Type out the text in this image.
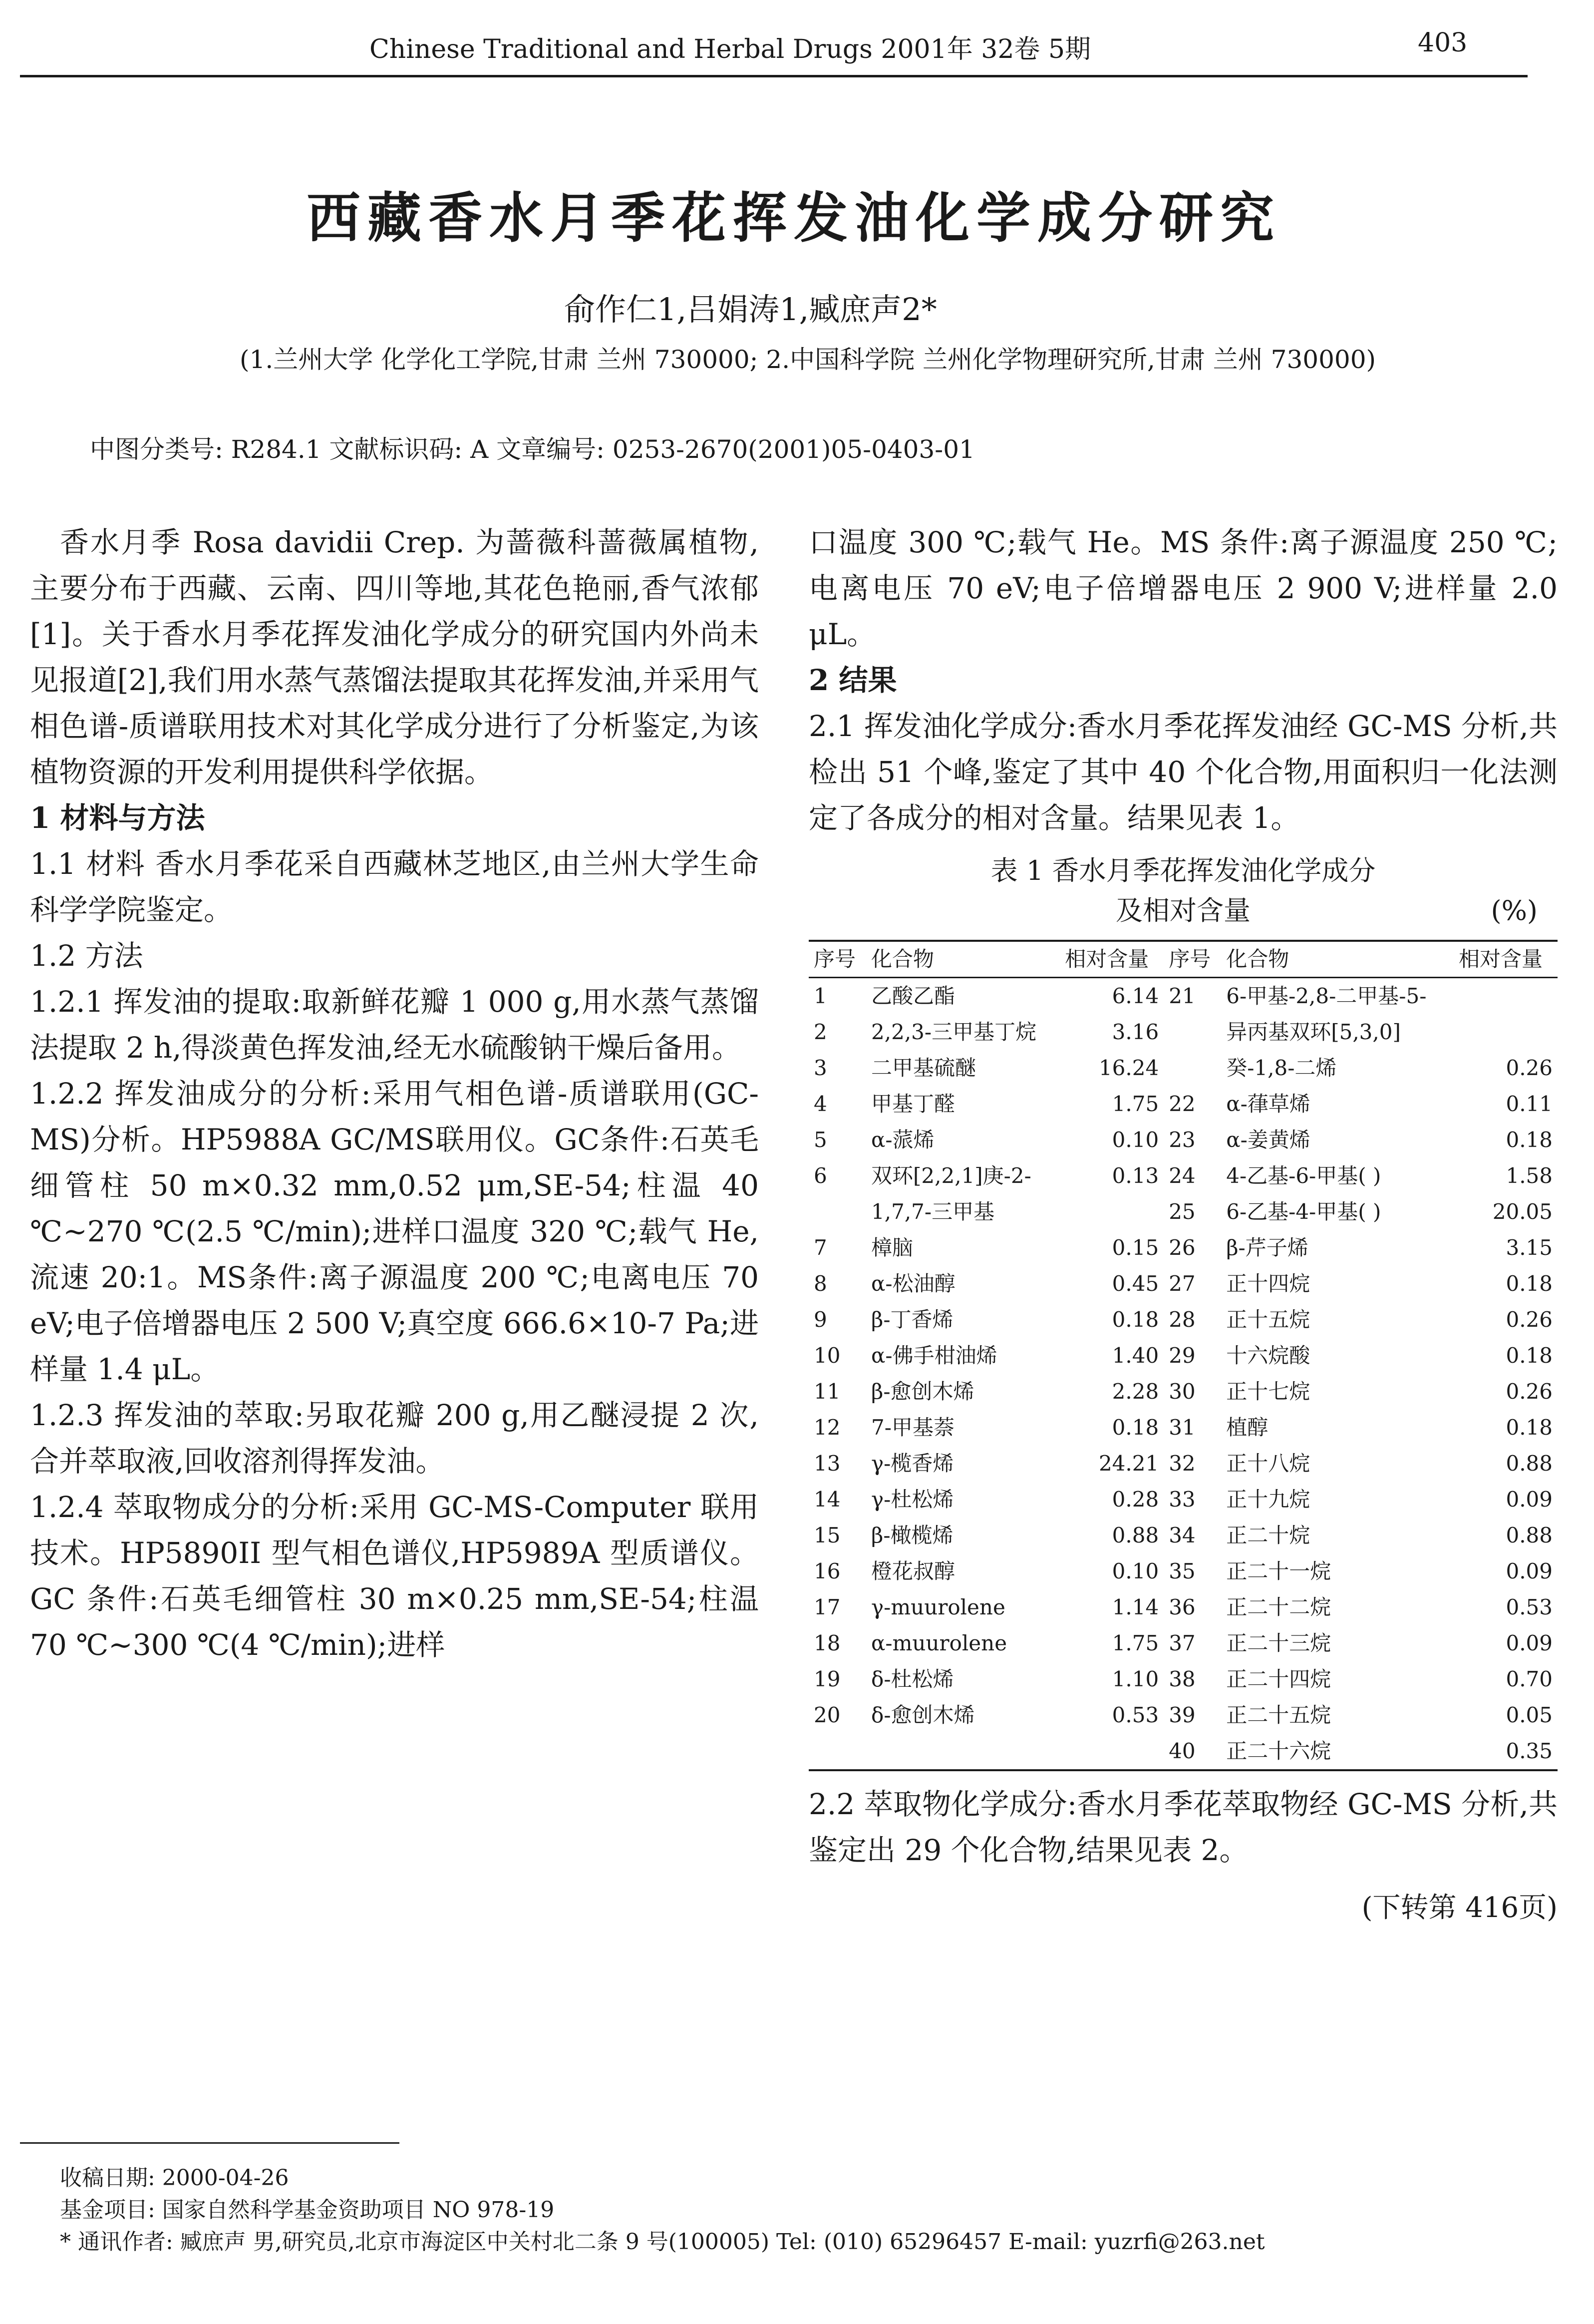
Chinese Traditional and Herbal Drugs 2001年 32卷 5期	403
西藏香水月季花挥发油化学成分研究
俞作仁1,吕娟涛1,臧庶声2*
(1.兰州大学 化学化工学院,甘肃 兰州 730000; 2.中国科学院 兰州化学物理研究所,甘肃 兰州 730000)
中图分类号: R284.1 文献标识码: A 文章编号: 0253-2670(2001)05-0403-01

香水月季 Rosa davidii Crep. 为蔷薇科蔷薇属植物,主要分布于西藏、云南、四川等地,其花色艳丽,香气浓郁[1]。关于香水月季花挥发油化学成分的研究国内外尚未见报道[2],我们用水蒸气蒸馏法提取其花挥发油,并采用气相色谱-质谱联用技术对其化学成分进行了分析鉴定,为该植物资源的开发利用提供科学依据。

1 材料与方法

1.1 材料 香水月季花采自西藏林芝地区,由兰州大学生命科学学院鉴定。

1.2 方法

1.2.1 挥发油的提取:取新鲜花瓣 1 000 g,用水蒸气蒸馏法提取 2 h,得淡黄色挥发油,经无水硫酸钠干燥后备用。

1.2.2 挥发油成分的分析:采用气相色谱-质谱联用(GC-MS)分析。HP5988A GC/MS联用仪。GC条件:石英毛细管柱 50 m×0.32 mm,0.52 μm,SE-54;柱温 40 ℃~270 ℃(2.5 ℃/min);进样口温度 320 ℃;载气 He,流速 20:1。MS条件:离子源温度 200 ℃;电离电压 70 eV;电子倍增器电压 2 500 V;真空度 666.6×10-7 Pa;进样量 1.4 μL。

1.2.3 挥发油的萃取:另取花瓣 200 g,用乙醚浸提 2 次,合并萃取液,回收溶剂得挥发油。

1.2.4 萃取物成分的分析:采用 GC-MS-Computer 联用技术。HP5890II 型气相色谱仪,HP5989A 型质谱仪。GC 条件:石英毛细管柱 30 m×0.25 mm,SE-54;柱温 70 ℃~300 ℃(4 ℃/min);进样

口温度 300 ℃;载气 He。MS 条件:离子源温度 250 ℃;电离电压 70 eV;电子倍增器电压 2 900 V;进样量 2.0 μL。

2 结果

2.1 挥发油化学成分:香水月季花挥发油经 GC-MS 分析,共检出 51 个峰,鉴定了其中 40 个化合物,用面积归一化法测定了各成分的相对含量。结果见表 1。

表 1 香水月季花挥发油化学成分
及相对含量	(%)
序号	化合物	相对含量	序号	化合物	相对含量
1	乙酸乙酯	6.14	21	6-甲基-2,8-二甲基-5-	
2	2,2,3-三甲基丁烷	3.16		异丙基双环[5,3,0]	
3	二甲基硫醚	16.24		癸-1,8-二烯	0.26
4	甲基丁醛	1.75	22	α-葎草烯	0.11
5	α-蒎烯	0.10	23	α-姜黄烯	0.18
6	双环[2,2,1]庚-2-	0.13	24	4-乙基-6-甲基( )	1.58
	1,7,7-三甲基		25	6-乙基-4-甲基( )	20.05
7	樟脑	0.15	26	β-芹子烯	3.15
8	α-松油醇	0.45	27	正十四烷	0.18
9	β-丁香烯	0.18	28	正十五烷	0.26
10	α-佛手柑油烯	1.40	29	十六烷酸	0.18
11	β-愈创木烯	2.28	30	正十七烷	0.26
12	7-甲基萘	0.18	31	植醇	0.18
13	γ-榄香烯	24.21	32	正十八烷	0.88
14	γ-杜松烯	0.28	33	正十九烷	0.09
15	β-橄榄烯	0.88	34	正二十烷	0.88
16	橙花叔醇	0.10	35	正二十一烷	0.09
17	γ-muurolene	1.14	36	正二十二烷	0.53
18	α-muurolene	1.75	37	正二十三烷	0.09
19	δ-杜松烯	1.10	38	正二十四烷	0.70
20	δ-愈创木烯	0.53	39	正二十五烷	0.05
			40	正二十六烷	0.35

2.2 萃取物化学成分:香水月季花萃取物经 GC-MS 分析,共鉴定出 29 个化合物,结果见表 2。

(下转第 416页)
收稿日期: 2000-04-26
基金项目: 国家自然科学基金资助项目 NO 978-19
* 通讯作者: 臧庶声 男,研究员,北京市海淀区中关村北二条 9 号(100005) Tel: (010) 65296457 E-mail: yuzrfi@263.net
